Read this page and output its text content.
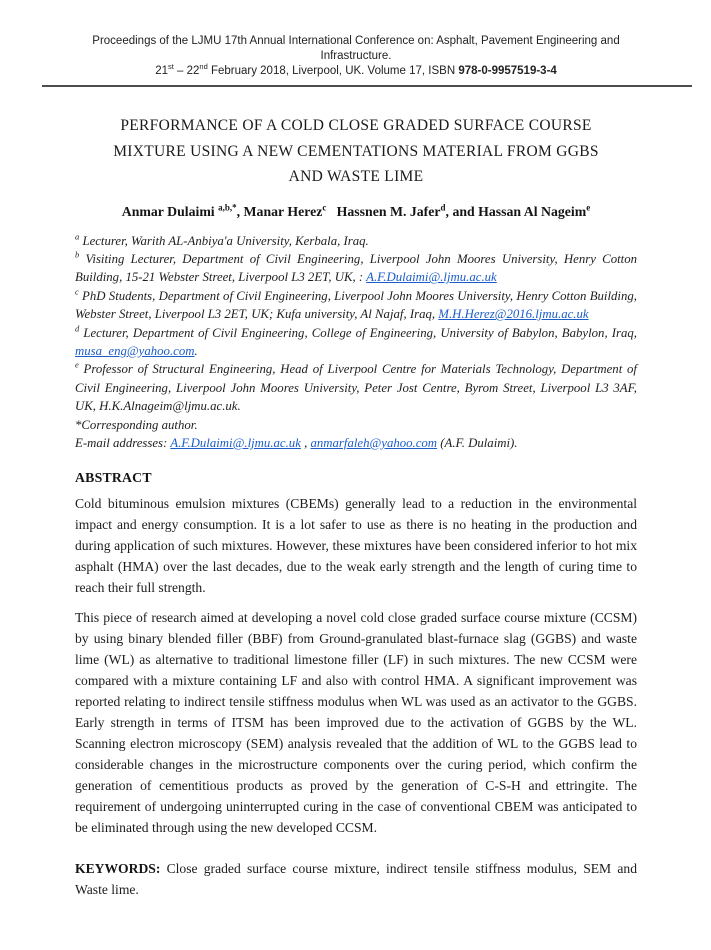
Proceedings of the LJMU 17th Annual International Conference on: Asphalt, Pavement Engineering and Infrastructure.
21st – 22nd February 2018, Liverpool, UK. Volume 17, ISBN 978-0-9957519-3-4
PERFORMANCE OF A COLD CLOSE GRADED SURFACE COURSE
MIXTURE USING A NEW CEMENTATIONS MATERIAL FROM GGBS
AND WASTE LIME
Anmar Dulaimi $^{a,b,*}$, Manar Herez$^c$   Hassnen M. Jafer$^d$, and Hassan Al Nageim$^e$
$^a$ Lecturer, Warith AL-Anbiya'a University, Kerbala, Iraq.
$^b$ Visiting Lecturer, Department of Civil Engineering, Liverpool John Moores University, Henry Cotton Building, 15-21 Webster Street, Liverpool L3 2ET, UK, : A.F.Dulaimi@.ljmu.ac.uk
$^c$ PhD Students, Department of Civil Engineering, Liverpool John Moores University, Henry Cotton Building, Webster Street, Liverpool L3 2ET, UK; Kufa university, Al Najaf, Iraq, M.H.Herez@2016.ljmu.ac.uk
$^d$ Lecturer, Department of Civil Engineering, College of Engineering, University of Babylon, Babylon, Iraq, musa_eng@yahoo.com.
$^e$ Professor of Structural Engineering, Head of Liverpool Centre for Materials Technology, Department of Civil Engineering, Liverpool John Moores University, Peter Jost Centre, Byrom Street, Liverpool L3 3AF, UK, H.K.Alnageim@ljmu.ac.uk.
*Corresponding author.
E-mail addresses: A.F.Dulaimi@.ljmu.ac.uk , anmarfaleh@yahoo.com (A.F. Dulaimi).
ABSTRACT
Cold bituminous emulsion mixtures (CBEMs) generally lead to a reduction in the environmental impact and energy consumption. It is a lot safer to use as there is no heating in the production and during application of such mixtures. However, these mixtures have been considered inferior to hot mix asphalt (HMA) over the last decades, due to the weak early strength and the length of curing time to reach their full strength.
This piece of research aimed at developing a novel cold close graded surface course mixture (CCSM) by using binary blended filler (BBF) from Ground-granulated blast-furnace slag (GGBS) and waste lime (WL) as alternative to traditional limestone filler (LF) in such mixtures. The new CCSM were compared with a mixture containing LF and also with control HMA. A significant improvement was reported relating to indirect tensile stiffness modulus when WL was used as an activator to the GGBS. Early strength in terms of ITSM has been improved due to the activation of GGBS by the WL. Scanning electron microscopy (SEM) analysis revealed that the addition of WL to the GGBS lead to considerable changes in the microstructure components over the curing period, which confirm the generation of cementitious products as proved by the generation of C-S-H and ettringite. The requirement of undergoing uninterrupted curing in the case of conventional CBEM was anticipated to be eliminated through using the new developed CCSM.
KEYWORDS: Close graded surface course mixture, indirect tensile stiffness modulus, SEM and Waste lime.
